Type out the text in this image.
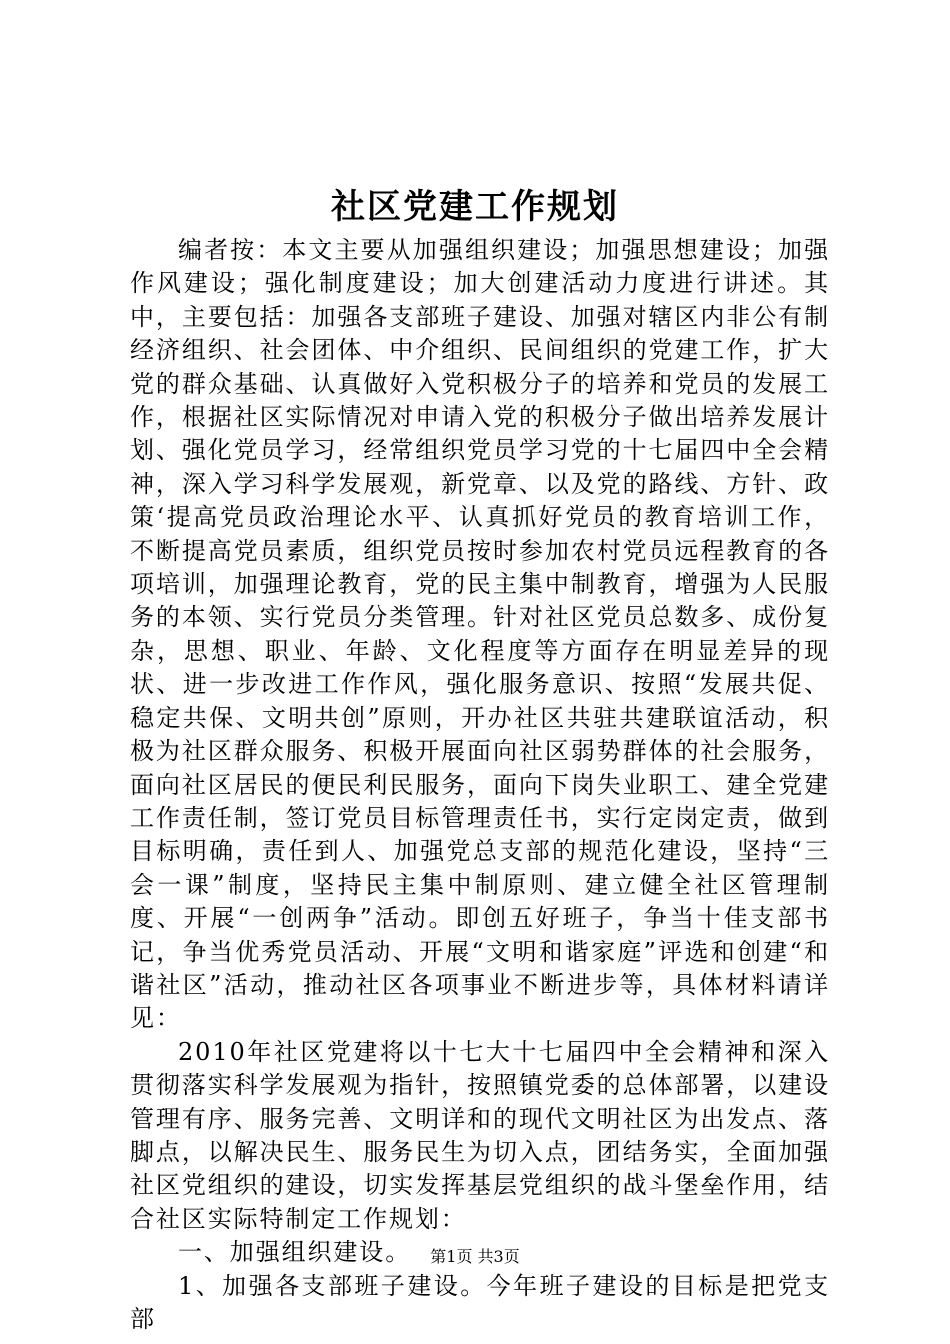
社区党建工作规划

编者按：本文主要从加强组织建设；加强思想建设；加强作风建设；强化制度建设；加大创建活动力度进行讲述。其中，主要包括：加强各支部班子建设、加强对辖区内非公有制经济组织、社会团体、中介组织、民间组织的党建工作，扩大党的群众基础、认真做好入党积极分子的培养和党员的发展工作，根据社区实际情况对申请入党的积极分子做出培养发展计划、强化党员学习，经常组织党员学习党的十七届四中全会精神，深入学习科学发展观，新党章、以及党的路线、方针、政策‘提高党员政治理论水平、认真抓好党员的教育培训工作，不断提高党员素质，组织党员按时参加农村党员远程教育的各项培训，加强理论教育，党的民主集中制教育，增强为人民服务的本领、实行党员分类管理。针对社区党员总数多、成份复杂，思想、职业、年龄、文化程度等方面存在明显差异的现状、进一步改进工作作风，强化服务意识、按照“发展共促、稳定共保、文明共创”原则，开办社区共驻共建联谊活动，积极为社区群众服务、积极开展面向社区弱势群体的社会服务，面向社区居民的便民利民服务，面向下岗失业职工、建全党建工作责任制，签订党员目标管理责任书，实行定岗定责，做到目标明确，责任到人、加强党总支部的规范化建设，坚持“三会一课”制度，坚持民主集中制原则、建立健全社区管理制度、开展“一创两争”活动。即创五好班子，争当十佳支部书记，争当优秀党员活动、开展“文明和谐家庭”评选和创建“和谐社区”活动，推动社区各项事业不断进步等，具体材料请详见：

2010年社区党建将以十七大十七届四中全会精神和深入贯彻落实科学发展观为指针，按照镇党委的总体部署，以建设管理有序、服务完善、文明详和的现代文明社区为出发点、落脚点，以解决民生、服务民生为切入点，团结务实，全面加强社区党组织的建设，切实发挥基层党组织的战斗堡垒作用，结合社区实际特制定工作规划：

一、加强组织建设。

1、加强各支部班子建设。今年班子建设的目标是把党支部

第1页 共3页
